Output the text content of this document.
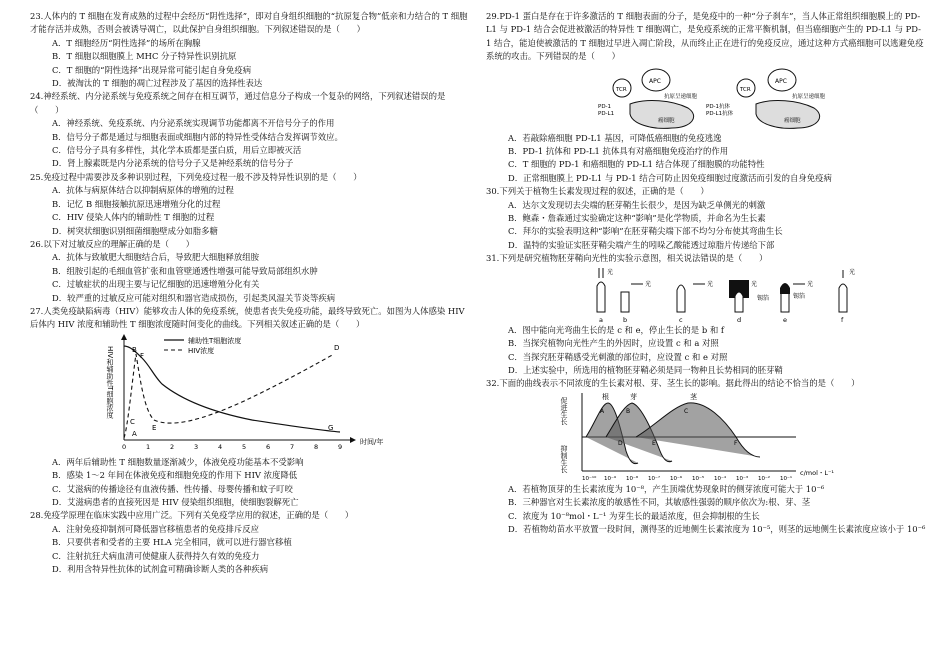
23.人体内的 T 细胞在发育成熟的过程中会经历“阴性选择”，即对自身组织细胞的“抗原复合物”低亲和力结合的 T 细胞才能存活并成熟，否则会被诱导凋亡，以此保护自身组织细胞。下列叙述错误的是（　　）
A．T 细胞经历“阴性选择”的场所在胸腺
B．T 细胞以细胞膜上 MHC 分子特异性识别抗原
C．T 细胞的“阴性选择”出现异常可能引起自身免疫病
D．被淘汰的 T 细胞的凋亡过程涉及了基因的选择性表达
24.神经系统、内分泌系统与免疫系统之间存在相互调节，通过信息分子构成一个复杂的网络，下列叙述错误的是（　　）
A．神经系统、免疫系统、内分泌系统实现调节功能都离不开信号分子的作用
B．信号分子都是通过与细胞表面或细胞内部的特异性受体结合发挥调节效应。
C．信号分子具有多样性，其化学本质都是蛋白质，用后立即被灭活
D．肾上腺素既是内分泌系统的信号分子又是神经系统的信号分子
25.免疫过程中需要涉及多种识别过程，下列免疫过程一般不涉及特异性识别的是（　　）
A．抗体与病原体结合以抑制病原体的增殖的过程
B．记忆 B 细胞接触抗原迅速增殖分化的过程
C．HIV 侵染人体内的辅助性 T 细胞的过程
D．树突状细胞识别细菌细胞壁成分如脂多糖
26.以下对过敏反应的理解正确的是（　　）
A．抗体与致敏肥大细胞结合后，导致肥大细胞释放组胺
B．组胺引起的毛细血管扩张和血管壁通透性增强可能导致局部组织水肿
C．过敏症状的出现主要与记忆细胞的迅速增殖分化有关
D．较严重的过敏反应可能对组织和器官造成损伤，引起类风湿关节炎等疾病
27.人类免疫缺陷病毒（HIV）能够攻击人体的免疫系统，使患者丧失免疫功能，最终导致死亡。如图为人体感染 HIV 后体内 HIV 浓度和辅助性 T 细胞浓度随时间变化的曲线。下列相关叙述正确的是（　　）
HIV和辅助性T细胞浓度
时间/年
辅助性T细胞浓度
HIV浓度
A
B
C
D
E
F
G
0	1	2	3	4	5	6	7	8	9
A．两年后辅助性 T 细胞数量逐渐减少，体液免疫功能基本不受影响
B．感染 1～2 年间在体液免疫和细胞免疫的作用下 HIV 浓度降低
C．艾滋病的传播途径有血液传播、性传播、母婴传播和蚊子叮咬
D．艾滋病患者的直接死因是 HIV 侵染组织细胞，使细胞裂解死亡
28.免疫学原理在临床实践中应用广泛。下列有关免疫学应用的叙述，正确的是（　　）
A．注射免疫抑制剂可降低器官移植患者的免疫排斥反应
B．只要供者和受者的主要 HLA 完全相同，就可以进行器官移植
C．注射抗狂犬病血清可使健康人获得持久有效的免疫力
D．利用含特异性抗体的试剂盒可精确诊断人类的各种疾病
29.PD-1 蛋白是存在于许多激活的 T 细胞表面的分子，是免疫中的一种“分子刹车”，当人体正常组织细胞膜上的 PD-L1 与 PD-1 结合会促进被激活的特异性 T 细胞凋亡，是免疫系统的正常平衡机制，但当癌细胞产生的 PD-L1 与 PD-1 结合，能迫使被激活的 T 细胞过早进入凋亡阶段，从而终止正在进行的免疫反应，通过这种方式癌细胞可以逃避免疫系统的攻击。下列错误的是（　　）
APC
TCR
抗原呈递细胞
PD-1
PD-L1
癌细胞
APC
TCR
抗原呈递细胞
PD-1抗体
PD-L1抗体
癌细胞
A．若敲除癌细胞 PD-L1 基因，可降低癌细胞的免疫逃逸
B．PD-1 抗体和 PD-L1 抗体具有对癌细胞免疫治疗的作用
C．T 细胞的 PD-1 和癌细胞的 PD-L1 结合体现了细胞膜的功能特性
D．正常细胞膜上 PD-L1 与 PD-1 结合可防止因免疫细胞过度激活而引发的自身免疫病
30.下列关于植物生长素发现过程的叙述，正确的是（　　）
A．达尔文发现切去尖端的胚芽鞘生长很少，是因为缺乏单侧光的刺激
B．鲍森・詹森通过实验确定这种“影响”是化学物质，并命名为生长素
C．拜尔的实验表明这种“影响”在胚芽鞘尖端下部不均匀分布使其弯曲生长
D．温特的实验证实胚芽鞘尖端产生的吲哚乙酸能透过琼脂片传递给下部
31.下列是研究植物胚芽鞘向光性的实验示意图，相关说法错误的是（　　）
光
a
光
b
光
c
光
锡箔
d
光
锡箔
e
光
f
A．图中能向光弯曲生长的是 c 和 e，停止生长的是 b 和 f
B．当探究植物向光性产生的外因时，应设置 c 和 a 对照
C．当探究胚芽鞘感受光刺激的部位时，应设置 c 和 e 对照
D．上述实验中，所选用的植物胚芽鞘必须是同一物种且长势相同的胚芽鞘
32.下面的曲线表示不同浓度的生长素对根、芽、茎生长的影响。据此得出的结论不恰当的是（　　）
促进生长
抑制生长
根	芽	茎
A	B	C
D	E	F
c/mol・L⁻¹
10⁻¹⁰ 10⁻⁹ 10⁻⁸ 10⁻⁷ 10⁻⁶ 10⁻⁵ 10⁻⁴ 10⁻³ 10⁻² 10⁻¹
A．若植物顶芽的生长素浓度为 10⁻⁸，产生顶端优势现象时的侧芽浓度可能大于 10⁻⁶
B．三种器官对生长素浓度的敏感性不同，其敏感性强弱的顺序依次为:根、芽、茎
C．浓度为 10⁻⁸mol・L⁻¹ 为芽生长的最适浓度，但会抑制根的生长
D．若植物幼苗水平放置一段时间，测得茎的近地侧生长素浓度为 10⁻⁵，则茎的远地侧生长素浓度应该小于 10⁻⁶
